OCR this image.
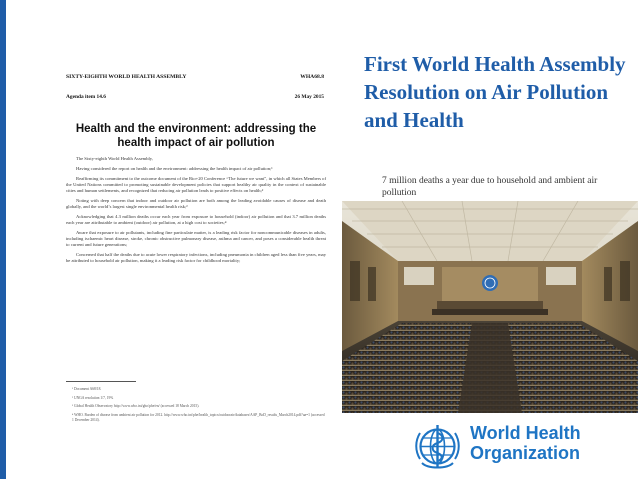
SIXTY-EIGHTH WORLD HEALTH ASSEMBLY	WHA68.8
Agenda item 14.6	26 May 2015
Health and the environment: addressing the health impact of air pollution

The Sixty-eighth World Health Assembly,

Having considered the report on health and the environment: addressing the health impact of air pollution;¹

Reaffirming its commitment to the outcome document of the Rio+20 Conference “The future we want”, in which all States Members of the United Nations committed to promoting sustainable development policies that support healthy air quality in the context of sustainable cities and human settlements, and recognized that reducing air pollution leads to positive effects on health;²

Noting with deep concern that indoor and outdoor air pollution are both among the leading avoidable causes of disease and death globally, and the world’s largest single environmental health risk;³

Acknowledging that 4.3 million deaths occur each year from exposure to household (indoor) air pollution and that 3.7 million deaths each year are attributable to ambient (outdoor) air pollution, at a high cost to societies;⁴

Aware that exposure to air pollutants, including fine particulate matter, is a leading risk factor for noncommunicable diseases in adults, including ischaemic heart disease, stroke, chronic obstructive pulmonary disease, asthma and cancer, and poses a considerable health threat to current and future generations;

Concerned that half the deaths due to acute lower respiratory infections, including pneumonia in children aged less than five years, may be attributed to household air pollution, making it a leading risk factor for childhood mortality;

¹ Document A68/18.
² UNGA resolution 1/7, 19%
³ Global Health Observatory http://www.who.int/gho/phe/en/ (accessed 18 March 2015).
⁴ WHO. Burden of disease from ambient air pollution for 2012. http://www.who.int/phe/health_topics/outdoorair/databases/AAP_BoD_results_March2014.pdf?ua=1 (accessed 1 December 2014).
First World Health Assembly Resolution on Air Pollution and Health
7 million deaths a year due to household and ambient air pollution
World Health
Organization
